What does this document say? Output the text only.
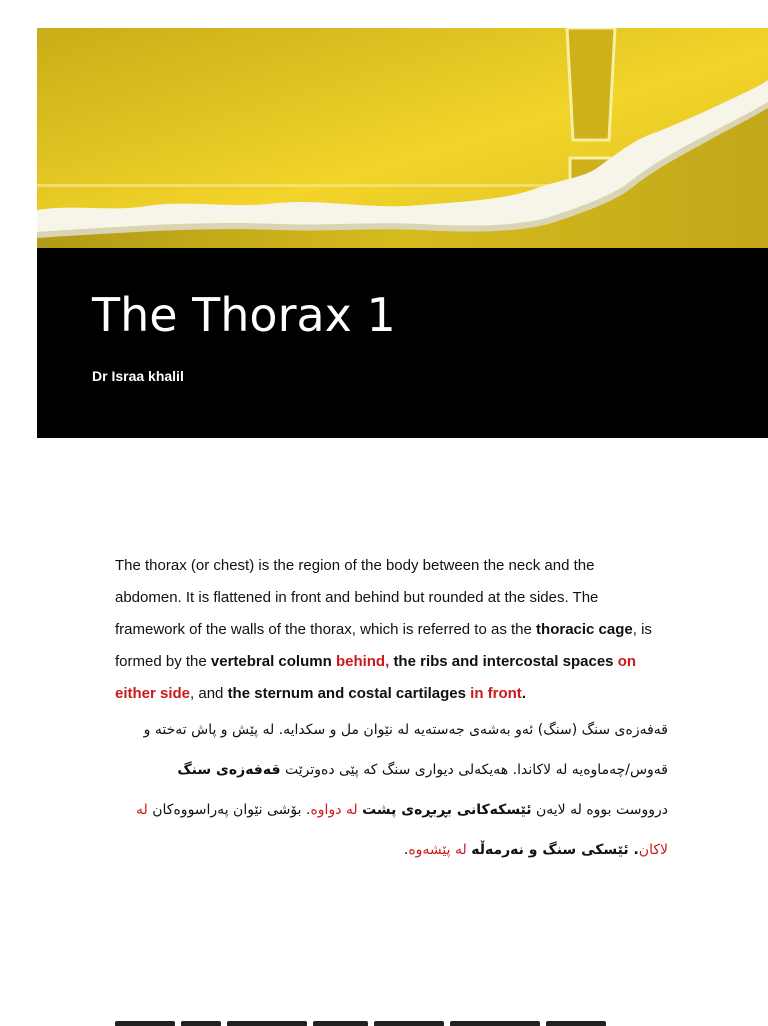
The Thorax 1
Dr Israa khalil

The thorax (or chest) is the region of the body between the neck and the abdomen. It is flattened in front and behind but rounded at the sides. The framework of the walls of the thorax, which is referred to as the thoracic cage, is formed by the vertebral column behind, the ribs and intercostal spaces on either side, and the sternum and costal cartilages in front.

قەفەزەی سنگ (سنگ) ئەو بەشەی جەستەیە لە نێوان مل و سکدایە. لە پێش و پاش تەختە و
قەوس/چەماوەیە لە لاکاندا. هەیکەلی دیواری سنگ کە پێی دەوترێت قەفەزەی سنگ
درووست بووە لە لایەن ئێسکەکانی بڕبڕەی پشت لە دواوە. بۆشی نێوان پەراسووەکان لە
لاکان. ئێسکی سنگ و نەرمەڵە لە پێشەوە.
